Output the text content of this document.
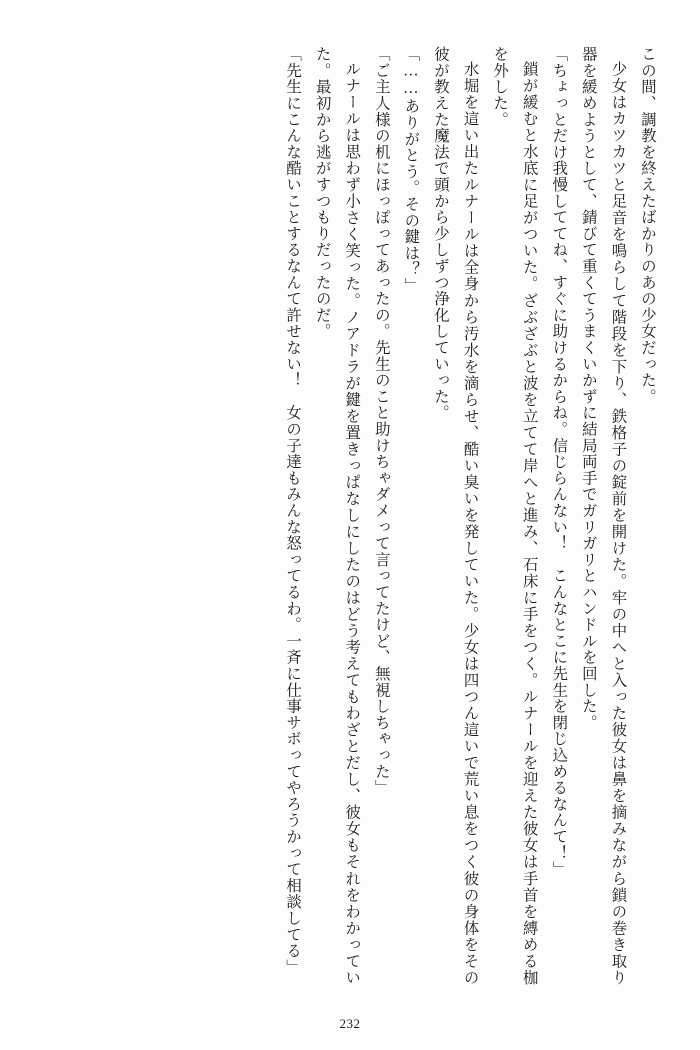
この間、調教を終えたばかりのあの少女だった。

少女はカツカツと足音を鳴らして階段を下り、鉄格子の錠前を開けた。牢の中へと入った彼女は鼻を摘みながら鎖の巻き取り器を緩めようとして、錆びて重くてうまくいかずに結局両手でガリガリとハンドルを回した。

「ちょっとだけ我慢しててね、すぐに助けるからね。信じらんない！　こんなとこに先生を閉じ込めるなんて！」

鎖が緩むと水底に足がついた。ざぶざぶと波を立てて岸へと進み、石床に手をつく。ルナールを迎えた彼女は手首を縛める枷を外した。

水堀を這い出たルナールは全身から汚水を滴らせ、酷い臭いを発していた。少女は四つん這いで荒い息をつく彼の身体をその彼が教えた魔法で頭から少しずつ浄化していった。

「……ありがとう。その鍵は？」

「ご主人様の机にほっぽってあったの。先生のこと助けちゃダメって言ってたけど、無視しちゃった」

ルナールは思わず小さく笑った。ノアドラが鍵を置きっぱなしにしたのはどう考えてもわざとだし、彼女もそれをわかっていた。最初から逃がすつもりだったのだ。

「先生にこんな酷いことするなんて許せない！　女の子達もみんな怒ってるわ。一斉に仕事サボってやろうかって相談してる」

232
